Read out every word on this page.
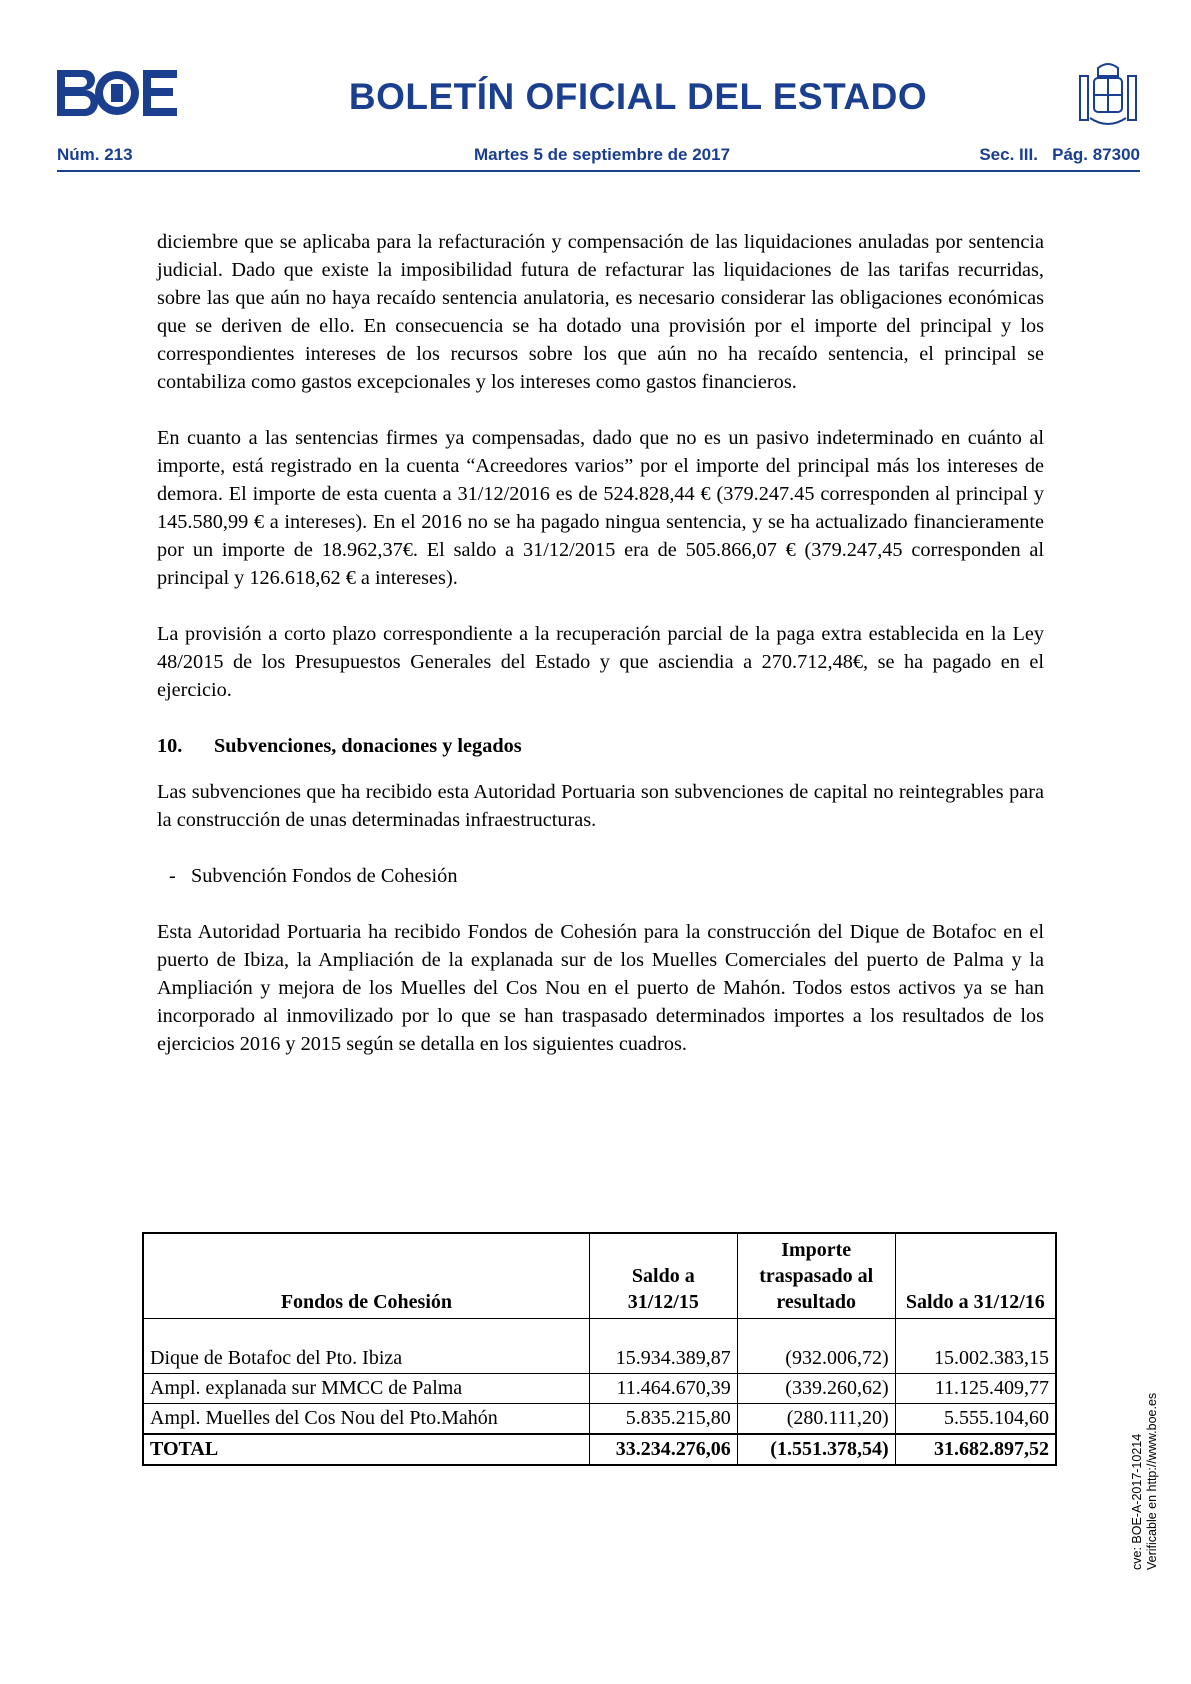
BOLETÍN OFICIAL DEL ESTADO
Núm. 213	Martes 5 de septiembre de 2017	Sec. III.   Pág. 87300

diciembre que se aplicaba para la refacturación y compensación de las liquidaciones anuladas por sentencia judicial. Dado que existe la imposibilidad futura de refacturar las liquidaciones de las tarifas recurridas, sobre las que aún no haya recaído sentencia anulatoria, es necesario considerar las obligaciones económicas que se deriven de ello. En consecuencia se ha dotado una provisión por el importe del principal y los correspondientes intereses de los recursos sobre los que aún no ha recaído sentencia, el principal se contabiliza como gastos excepcionales y los intereses como gastos financieros.

En cuanto a las sentencias firmes ya compensadas, dado que no es un pasivo indeterminado en cuánto al importe, está registrado en la cuenta “Acreedores varios” por el importe del principal más los intereses de demora. El importe de esta cuenta a 31/12/2016 es de 524.828,44 € (379.247.45 corresponden al principal y 145.580,99 € a intereses). En el 2016 no se ha pagado ningua sentencia, y se ha actualizado financieramente por un importe de 18.962,37€. El saldo a 31/12/2015 era de 505.866,07 € (379.247,45 corresponden al principal y 126.618,62 € a intereses).

La provisión a corto plazo correspondiente a la recuperación parcial de la paga extra establecida en la Ley 48/2015 de los Presupuestos Generales del Estado y que asciendia a 270.712,48€, se ha pagado en el ejercicio.

10. Subvenciones, donaciones y legados

Las subvenciones que ha recibido esta Autoridad Portuaria son subvenciones de capital no reintegrables para la construcción de unas determinadas infraestructuras.

- Subvención Fondos de Cohesión

Esta Autoridad Portuaria ha recibido Fondos de Cohesión para la construcción del Dique de Botafoc en el puerto de Ibiza, la Ampliación de la explanada sur de los Muelles Comerciales del puerto de Palma y la Ampliación y mejora de los Muelles del Cos Nou en el puerto de Mahón. Todos estos activos ya se han incorporado al inmovilizado por lo que se han traspasado determinados importes a los resultados de los ejercicios 2016 y 2015 según se detalla en los siguientes cuadros.

Fondos de Cohesión	Saldo a 31/12/15	Importe traspasado al resultado	Saldo a 31/12/16
Dique de Botafoc del Pto. Ibiza	15.934.389,87	(932.006,72)	15.002.383,15
Ampl. explanada sur MMCC de Palma	11.464.670,39	(339.260,62)	11.125.409,77
Ampl. Muelles del Cos Nou del Pto.Mahón	5.835.215,80	(280.111,20)	5.555.104,60
TOTAL	33.234.276,06	(1.551.378,54)	31.682.897,52	cve: BOE-A-2017-10214 Verificable en http://www.boe.es
